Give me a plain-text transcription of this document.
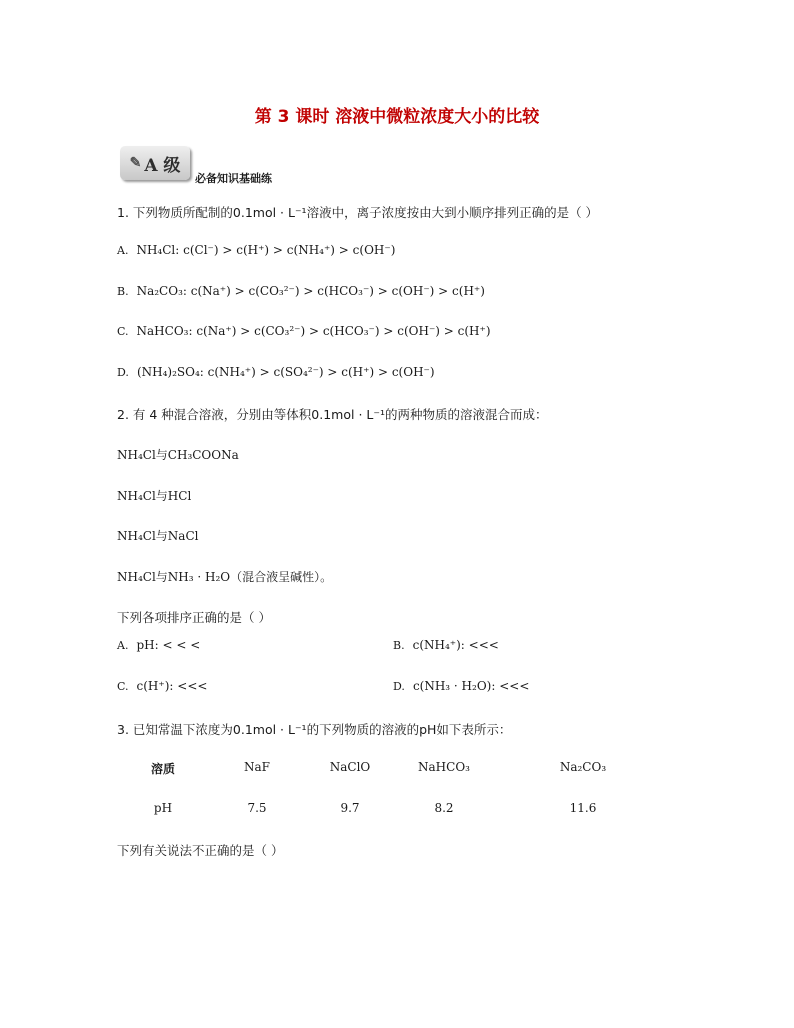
第 3 课时 溶液中微粒浓度大小的比较
✎ A 级
必备知识基础练
1. 下列物质所配制的0.1mol · L⁻¹溶液中，离子浓度按由大到小顺序排列正确的是（ ）
A. NH₄Cl: c(Cl⁻) > c(H⁺) > c(NH₄⁺) > c(OH⁻)
B. Na₂CO₃: c(Na⁺) > c(CO₃²⁻) > c(HCO₃⁻) > c(OH⁻) > c(H⁺)
C. NaHCO₃: c(Na⁺) > c(CO₃²⁻) > c(HCO₃⁻) > c(OH⁻) > c(H⁺)
D. (NH₄)₂SO₄: c(NH₄⁺) > c(SO₄²⁻) > c(H⁺) > c(OH⁻)
2. 有 4 种混合溶液，分别由等体积0.1mol · L⁻¹的两种物质的溶液混合而成：
NH₄Cl与CH₃COONa
NH₄Cl与HCl
NH₄Cl与NaCl
NH₄Cl与NH₃ · H₂O（混合液呈碱性）。
下列各项排序正确的是（ ）
A. pH: < < <	B. c(NH₄⁺): <<<
C. c(H⁺): <<<	D. c(NH₃ · H₂O): <<<
3. 已知常温下浓度为0.1mol · L⁻¹的下列物质的溶液的pH如下表所示：
溶质	NaF	NaClO	NaHCO₃	Na₂CO₃
pH	7.5	9.7	8.2	11.6
下列有关说法不正确的是（ ）
